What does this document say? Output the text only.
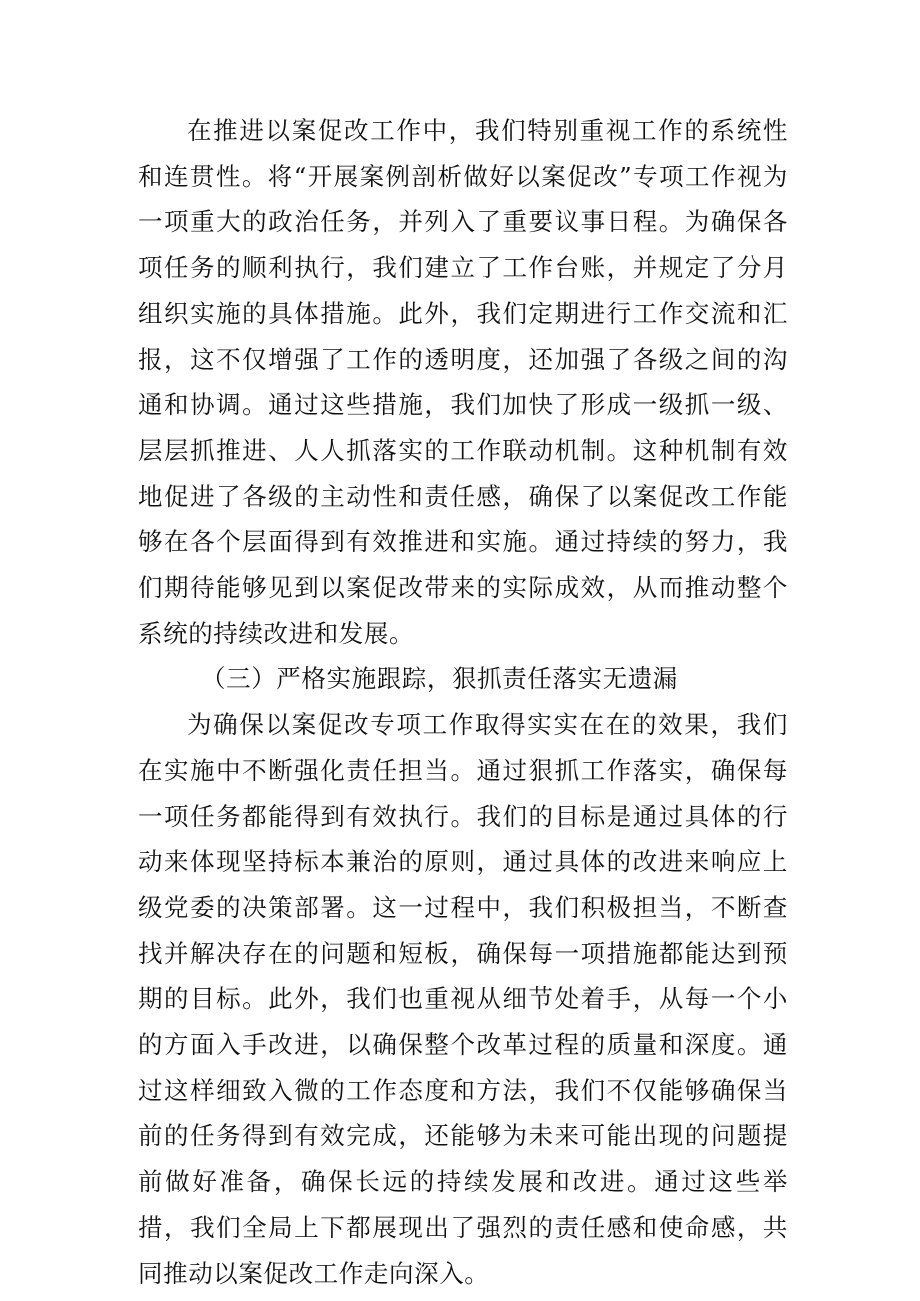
在推进以案促改工作中，我们特别重视工作的系统性和连贯性。将“开展案例剖析做好以案促改”专项工作视为一项重大的政治任务，并列入了重要议事日程。为确保各项任务的顺利执行，我们建立了工作台账，并规定了分月组织实施的具体措施。此外，我们定期进行工作交流和汇报，这不仅增强了工作的透明度，还加强了各级之间的沟通和协调。通过这些措施，我们加快了形成一级抓一级、层层抓推进、人人抓落实的工作联动机制。这种机制有效地促进了各级的主动性和责任感，确保了以案促改工作能够在各个层面得到有效推进和实施。通过持续的努力，我们期待能够见到以案促改带来的实际成效，从而推动整个系统的持续改进和发展。

（三）严格实施跟踪，狠抓责任落实无遗漏

为确保以案促改专项工作取得实实在在的效果，我们在实施中不断强化责任担当。通过狠抓工作落实，确保每一项任务都能得到有效执行。我们的目标是通过具体的行动来体现坚持标本兼治的原则，通过具体的改进来响应上级党委的决策部署。这一过程中，我们积极担当，不断查找并解决存在的问题和短板，确保每一项措施都能达到预期的目标。此外，我们也重视从细节处着手，从每一个小的方面入手改进，以确保整个改革过程的质量和深度。通过这样细致入微的工作态度和方法，我们不仅能够确保当前的任务得到有效完成，还能够为未来可能出现的问题提前做好准备，确保长远的持续发展和改进。通过这些举措，我们全局上下都展现出了强烈的责任感和使命感，共同推动以案促改工作走向深入。
